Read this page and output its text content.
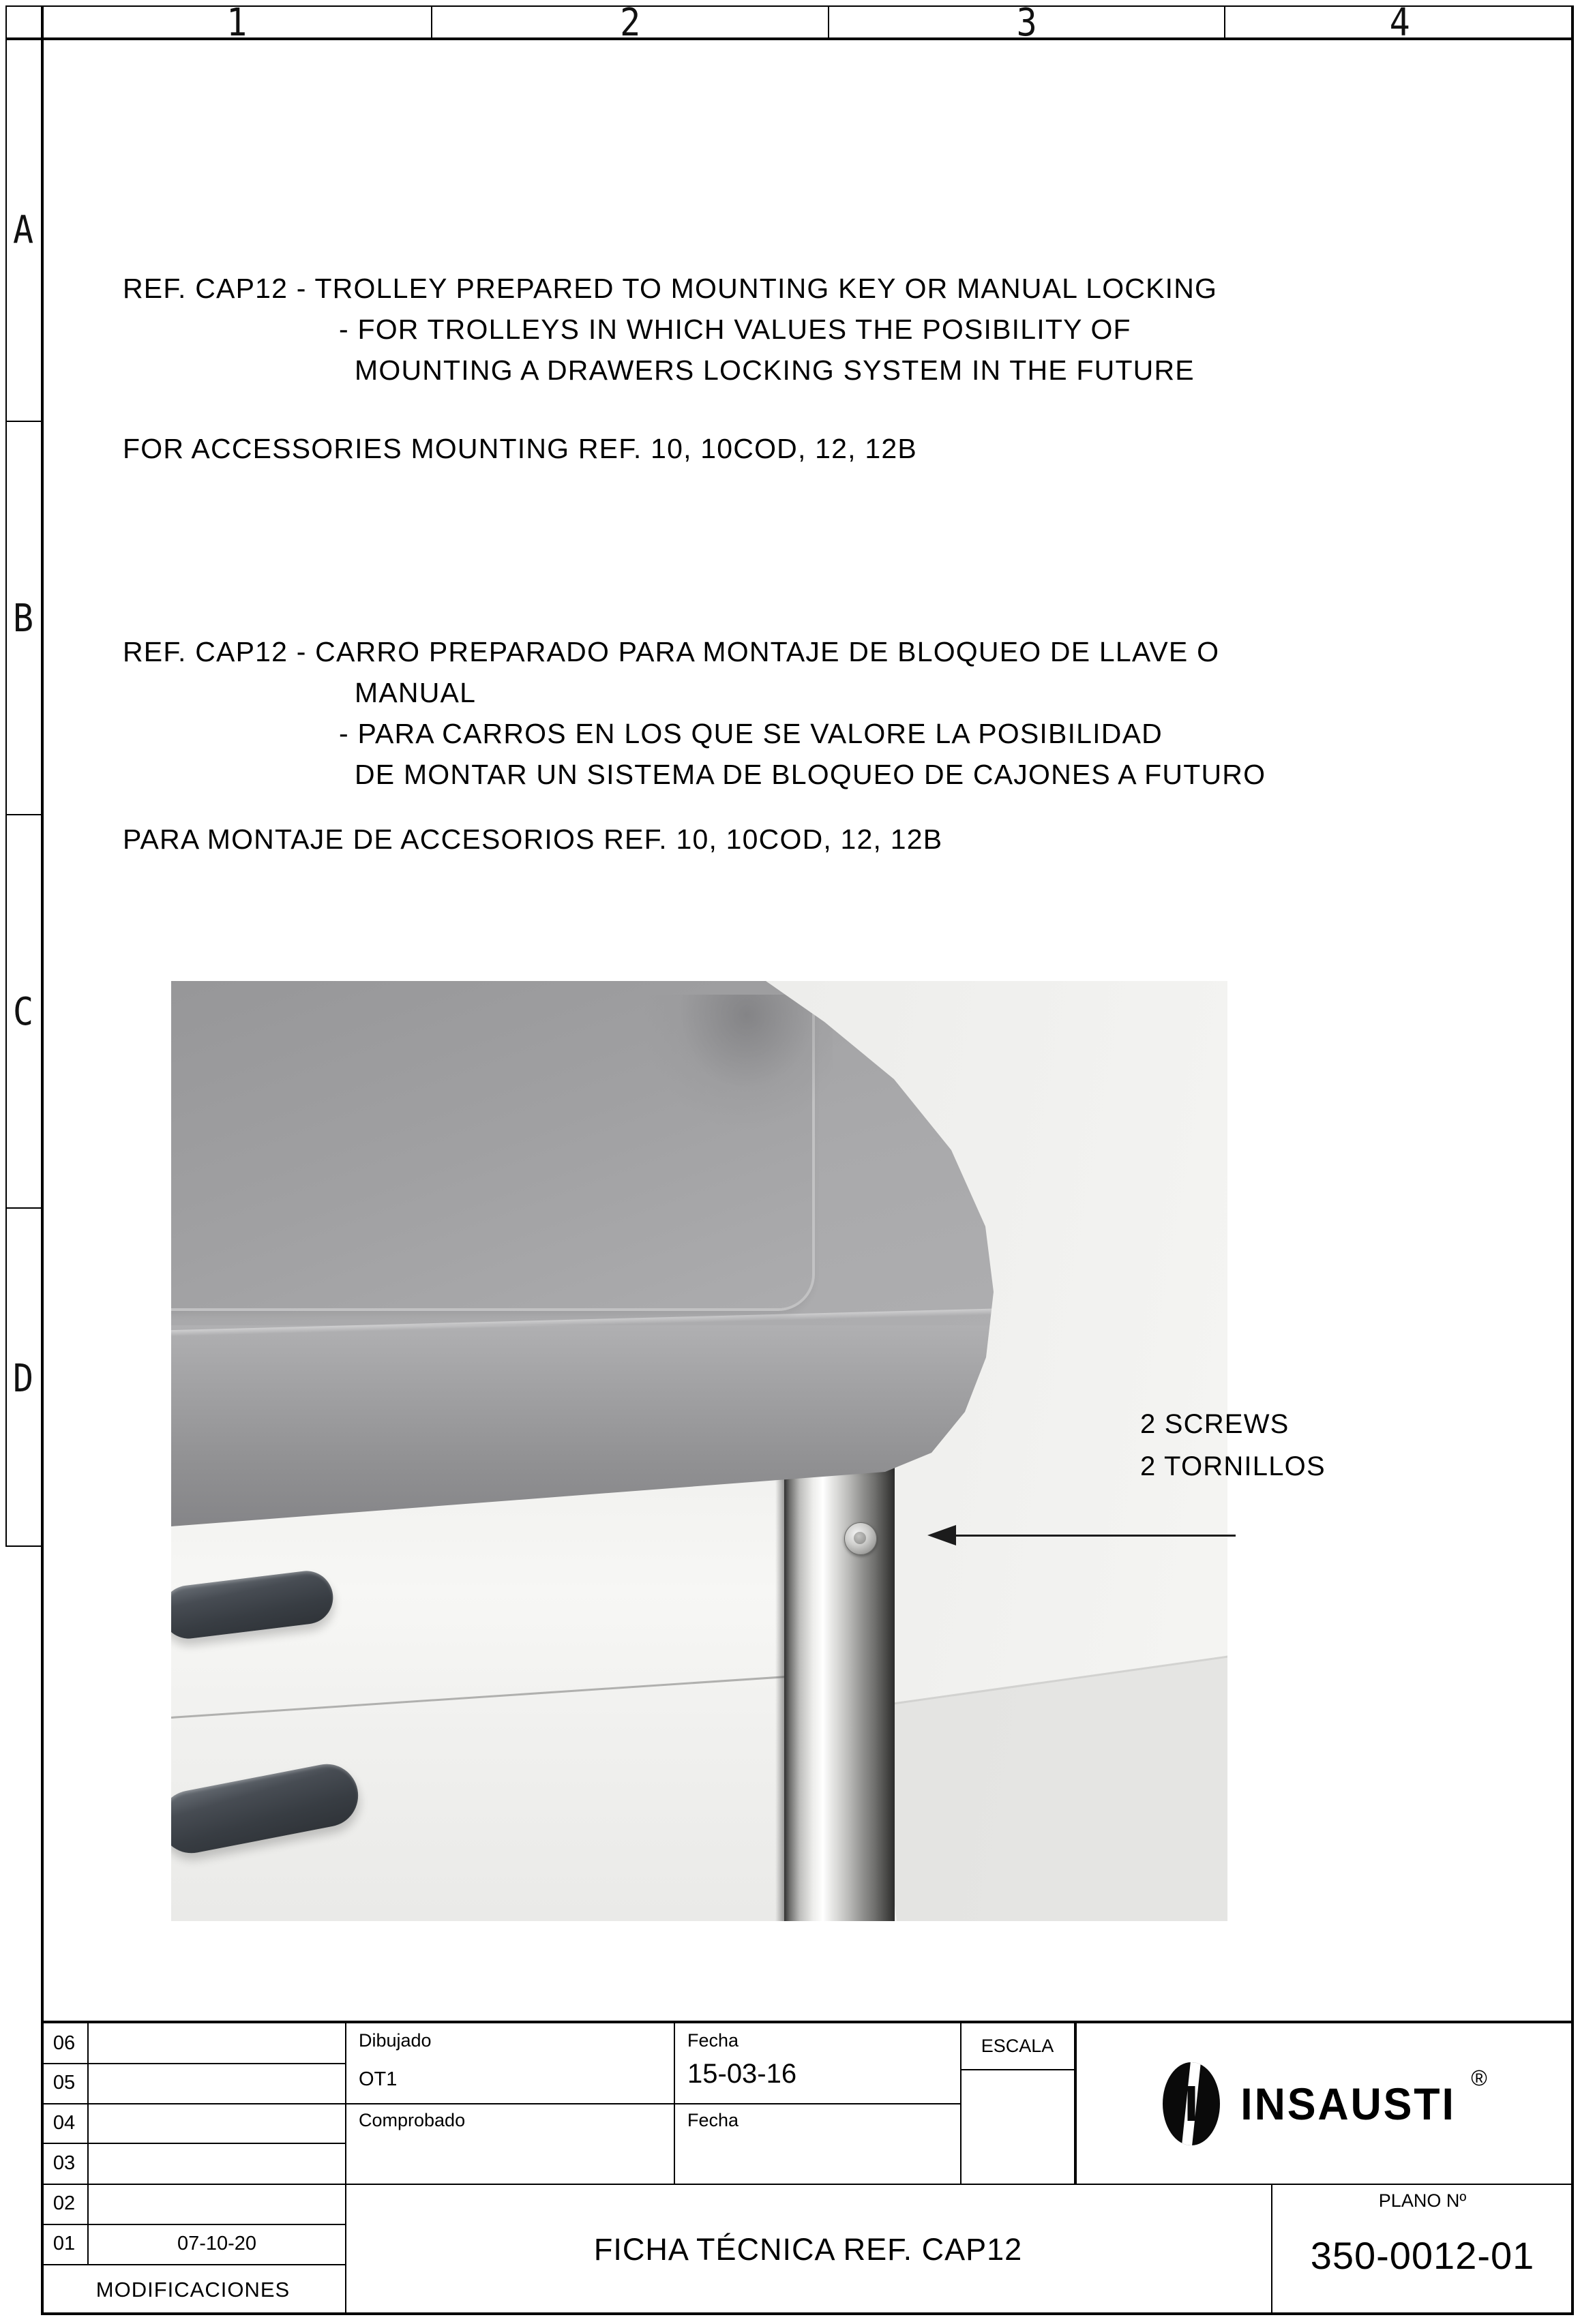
1	2	3	4
A
B
C
D
REF. CAP12 - TROLLEY PREPARED TO MOUNTING KEY OR MANUAL LOCKING
- FOR TROLLEYS IN WHICH VALUES THE POSIBILITY OF
MOUNTING A DRAWERS LOCKING SYSTEM IN THE FUTURE
FOR ACCESSORIES MOUNTING REF. 10, 10COD, 12, 12B
REF. CAP12 - CARRO PREPARADO PARA MONTAJE DE BLOQUEO DE LLAVE O
MANUAL
- PARA CARROS EN LOS QUE SE VALORE LA POSIBILIDAD
DE MONTAR UN SISTEMA DE BLOQUEO DE CAJONES A FUTURO
PARA MONTAJE DE ACCESORIOS REF. 10, 10COD, 12, 12B
2 SCREWS
2 TORNILLOS
06
05
04
03
02
01	07-10-20
MODIFICACIONES
Dibujado
OT1
Fecha
15-03-16
Comprobado	Fecha
ESCALA
INSAUSTI
®
FICHA TÉCNICA REF. CAP12
PLANO Nº
350-0012-01
